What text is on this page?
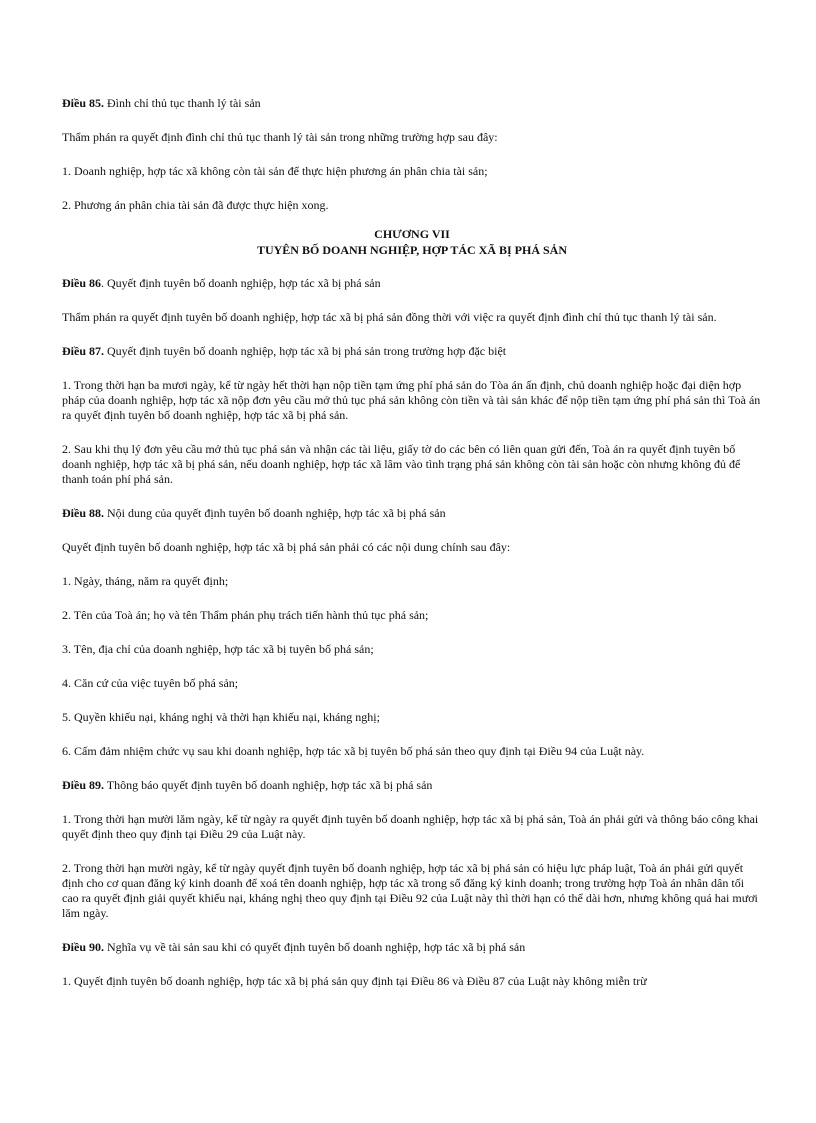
Điều 85. Đình chỉ thủ tục thanh lý tài sản

Thẩm phán ra quyết định đình chỉ thủ tục thanh lý tài sản trong những trường hợp sau đây:

1. Doanh nghiệp, hợp tác xã không còn tài sản để thực hiện phương án phân chia tài sản;

2. Phương án phân chia tài sản đã được thực hiện xong.

CHƯƠNG VII
TUYÊN BỐ DOANH NGHIỆP, HỢP TÁC XÃ BỊ PHÁ SẢN

Điều 86. Quyết định tuyên bố doanh nghiệp, hợp tác xã bị phá sản

Thẩm phán ra quyết định tuyên bố doanh nghiệp, hợp tác xã bị phá sản đồng thời với việc ra quyết định đình chỉ thủ tục thanh lý tài sản.

Điều 87. Quyết định tuyên bố doanh nghiệp, hợp tác xã bị phá sản trong trường hợp đặc biệt

1. Trong thời hạn ba mươi ngày, kể từ ngày hết thời hạn nộp tiền tạm ứng phí phá sản do Tòa án ấn định, chủ doanh nghiệp hoặc đại diện hợp pháp của doanh nghiệp, hợp tác xã nộp đơn yêu cầu mở thủ tục phá sản không còn tiền và tài sản khác để nộp tiền tạm ứng phí phá sản thì Toà án ra quyết định tuyên bố doanh nghiệp, hợp tác xã bị phá sản.

2. Sau khi thụ lý đơn yêu cầu mở thủ tục phá sản và nhận các tài liệu, giấy tờ do các bên có liên quan gửi đến, Toà án ra quyết định tuyên bố doanh nghiệp, hợp tác xã bị phá sản, nếu doanh nghiệp, hợp tác xã lâm vào tình trạng phá sản không còn tài sản hoặc còn nhưng không đủ để thanh toán phí phá sản.

Điều 88. Nội dung của quyết định tuyên bố doanh nghiệp, hợp tác xã bị phá sản

Quyết định tuyên bố doanh nghiệp, hợp tác xã bị phá sản phải có các nội dung chính sau đây:

1. Ngày, tháng, năm ra quyết định;

2. Tên của Toà án; họ và tên Thẩm phán phụ trách tiến hành thủ tục phá sản;

3. Tên, địa chỉ của doanh nghiệp, hợp tác xã bị tuyên bố phá sản;

4. Căn cứ của việc tuyên bố phá sản;

5. Quyền khiếu nại, kháng nghị và thời hạn khiếu nại, kháng nghị;

6. Cấm đảm nhiệm chức vụ sau khi doanh nghiệp, hợp tác xã bị tuyên bố phá sản theo quy định tại Điều 94 của Luật này.

Điều 89. Thông báo quyết định tuyên bố doanh nghiệp, hợp tác xã bị phá sản

1. Trong thời hạn mười lăm ngày, kể từ ngày ra quyết định tuyên bố doanh nghiệp, hợp tác xã bị phá sản, Toà án phải gửi và thông báo công khai quyết định theo quy định tại Điều 29 của Luật này.

2. Trong thời hạn mười ngày, kể từ ngày quyết định tuyên bố doanh nghiệp, hợp tác xã bị phá sản có hiệu lực pháp luật, Toà án phải gửi quyết định cho cơ quan đăng ký kinh doanh để xoá tên doanh nghiệp, hợp tác xã trong sổ đăng ký kinh doanh; trong trường hợp Toà án nhân dân tối cao ra quyết định giải quyết khiếu nại, kháng nghị theo quy định tại Điều 92 của Luật này thì thời hạn có thể dài hơn, nhưng không quá hai mươi lăm ngày.

Điều 90. Nghĩa vụ về tài sản sau khi có quyết định tuyên bố doanh nghiệp, hợp tác xã bị phá sản

1. Quyết định tuyên bố doanh nghiệp, hợp tác xã bị phá sản quy định tại Điều 86 và Điều 87 của Luật này không miễn trừ
